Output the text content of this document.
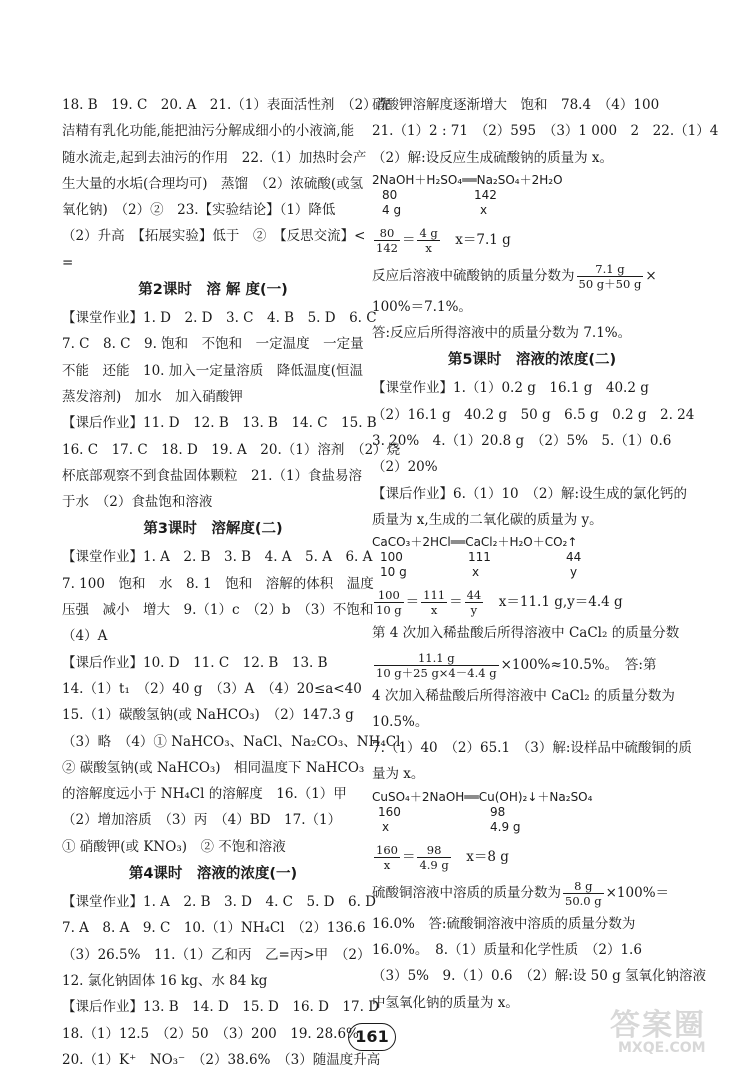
18. B　19. C　20. A　21.（1）表面活性剂　（2）洗
洁精有乳化功能,能把油污分解成细小的小液滴,能
随水流走,起到去油污的作用　22.（1）加热时会产
生大量的水垢(合理均可)　蒸馏　（2）浓硫酸(或氢
氧化钠)　（2）②　23.【实验结论】（1）降低
（2）升高　【拓展实验】低于　②　【反思交流】<
=
第2课时　溶 解 度(一)
【课堂作业】1. D　2. D　3. C　4. B　5. D　6. C
7. C　8. C　9. 饱和　不饱和　一定温度　一定量
不能　还能　10. 加入一定量溶质　降低温度(恒温
蒸发溶剂)　加水　加入硝酸钾
【课后作业】11. D　12. B　13. B　14. C　15. B
16. C　17. C　18. D　19. A　20.（1）溶剂　（2）烧
杯底部观察不到食盐固体颗粒　21.（1）食盐易溶
于水　（2）食盐饱和溶液
第3课时　溶解度(二)
【课堂作业】1. A　2. B　3. B　4. A　5. A　6. A
7. 100　饱和　水　8. 1　饱和　溶解的体积　温度
压强　减小　增大　9.（1）c　（2）b　（3）不饱和
（4）A
【课后作业】10. D　11. C　12. B　13. B
14.（1）t₁　（2）40 g　（3）A　（4）20≤a<40
15.（1）碳酸氢钠(或 NaHCO₃)　（2）147.3 g
（3）略　（4）① NaHCO₃、NaCl、Na₂CO₃、NH₄Cl
② 碳酸氢钠(或 NaHCO₃)　相同温度下 NaHCO₃
的溶解度远小于 NH₄Cl 的溶解度　16.（1）甲
（2）增加溶质　（3）丙　（4）BD　17.（1）
① 硝酸钾(或 KNO₃)　② 不饱和溶液
第4课时　溶液的浓度(一)
【课堂作业】1. A　2. B　3. D　4. C　5. D　6. D
7. A　8. A　9. C　10.（1）NH₄Cl　（2）136.6
（3）26.5%　11.（1）乙和丙　乙=丙>甲　（2）
12. 氯化钠固体 16 kg、水 84 kg
【课后作业】13. B　14. D　15. D　16. D　17. D
18.（1）12.5　（2）50　（3）200　19. 28.6%
20.（1）K⁺　NO₃⁻　（2）38.6%　（3）随温度升高
硝酸钾溶解度逐渐增大　饱和　78.4　（4）100
21.（1）2 : 71　（2）595　（3）1 000　2　22.（1）4
（2）解:设反应生成硫酸钠的质量为 x。
2NaOH＋H₂SO₄══Na₂SO₄＋2H₂O
80	142
4 g	x
$\frac{80}{142} = \frac{4 g}{x}$
　 x＝7.1 g
反应后溶液中硫酸钠的质量分数为 $\frac{7.1 g}{50 g+50 g}$ ×
100%＝7.1%。
答:反应后所得溶液中的质量分数为 7.1%。
第5课时　溶液的浓度(二)
【课堂作业】1.（1）0.2 g　16.1 g　40.2 g
（2）16.1 g　40.2 g　50 g　6.5 g　0.2 g　2. 24
3. 20%　4.（1）20.8 g　（2）5%　5.（1）0.6
（2）20%
【课后作业】6.（1）10　（2）解:设生成的氯化钙的
质量为 x,生成的二氧化碳的质量为 y。
CaCO₃＋2HCl══CaCl₂＋H₂O＋CO₂↑
100	111	44
10 g	x	y
$\frac{100}{10 g} = \frac{111}{x} = \frac{44}{y}$
　 x＝11.1 g,y＝4.4 g
第 4 次加入稀盐酸后所得溶液中 CaCl₂ 的质量分数
$\frac{11.1 g}{10 g+25 g\times 4-4.4 g} \times 100\%\approx 10.5\%$。　答:第
4 次加入稀盐酸后所得溶液中 CaCl₂ 的质量分数为
10.5%。
7.（1）40　（2）65.1　（3）解:设样品中硫酸铜的质
量为 x。
CuSO₄＋2NaOH══Cu(OH)₂↓＋Na₂SO₄
160	98
x	4.9 g
$\frac{160}{x} = \frac{98}{4.9 g}$
　 x＝8 g
硫酸铜溶液中溶质的质量分数为 $\frac{8 g}{50.0 g} \times 100\%=$
16.0%　答:硫酸铜溶液中溶质的质量分数为
16.0%。　8.（1）质量和化学性质　（2）1.6
（3）5%　9.（1）0.6　（2）解:设 50 g 氢氧化钠溶液
中氢氧化钠的质量为 x。
161	答案圈
MXQE.COM
